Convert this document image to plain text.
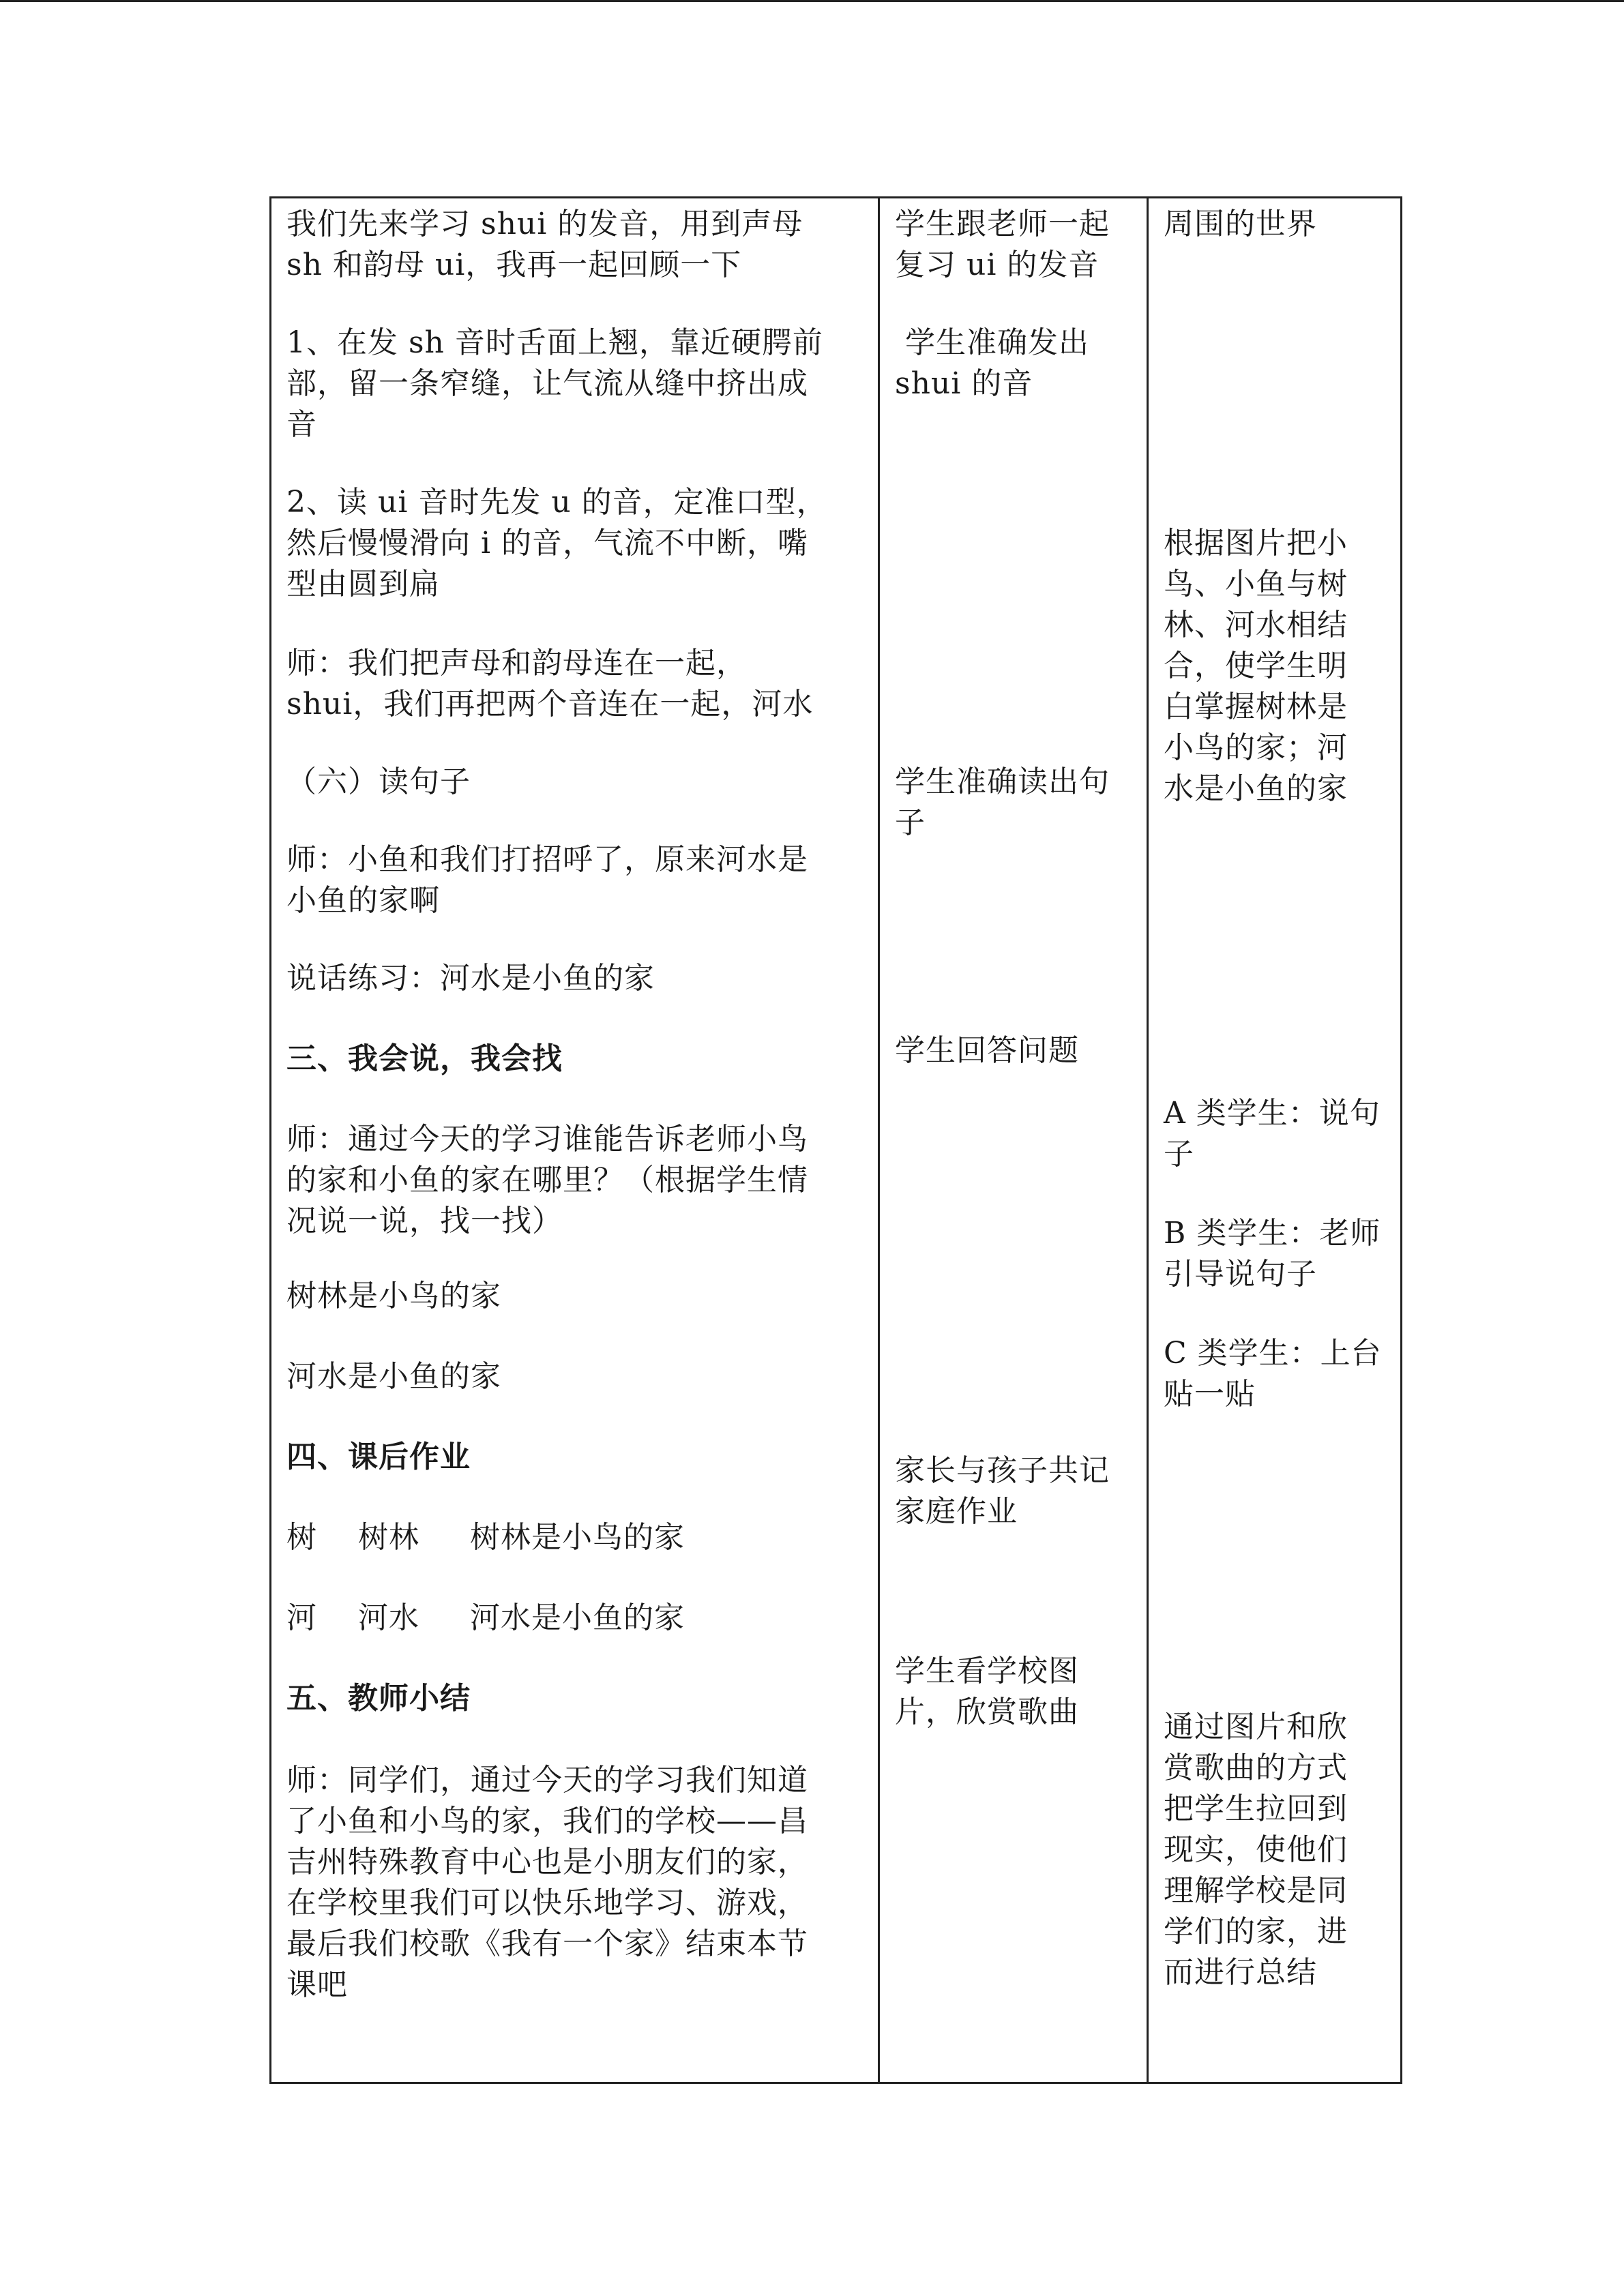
我们先来学习 shui 的发音，用到声母
sh 和韵母 ui，我再一起回顾一下

1、在发 sh 音时舌面上翘，靠近硬腭前
部，留一条窄缝，让气流从缝中挤出成
音

2、读 ui 音时先发 u 的音，定准口型，
然后慢慢滑向 i 的音，气流不中断，嘴
型由圆到扁

师：我们把声母和韵母连在一起，
shui，我们再把两个音连在一起，河水

（六）读句子

师：小鱼和我们打招呼了，原来河水是
小鱼的家啊

说话练习：河水是小鱼的家

三、我会说，我会找

师：通过今天的学习谁能告诉老师小鸟
的家和小鱼的家在哪里？（根据学生情
况说一说，找一找）

树林是小鸟的家

河水是小鱼的家

四、课后作业

树 树林 树林是小鸟的家

河 河水 河水是小鱼的家

五、教师小结

师：同学们，通过今天的学习我们知道
了小鱼和小鸟的家，我们的学校——昌
吉州特殊教育中心也是小朋友们的家，
在学校里我们可以快乐地学习、游戏，
最后我们校歌《我有一个家》结束本节
课吧

学生跟老师一起
复习 ui 的发音

学生准确发出
shui 的音

学生准确读出句
子

学生回答问题

家长与孩子共记
家庭作业

学生看学校图
片，欣赏歌曲

周围的世界

根据图片把小
鸟、小鱼与树
林、河水相结
合，使学生明
白掌握树林是
小鸟的家；河
水是小鱼的家

A 类学生：说句
子

B 类学生：老师
引导说句子

C 类学生：上台
贴一贴

通过图片和欣
赏歌曲的方式
把学生拉回到
现实，使他们
理解学校是同
学们的家，进
而进行总结
